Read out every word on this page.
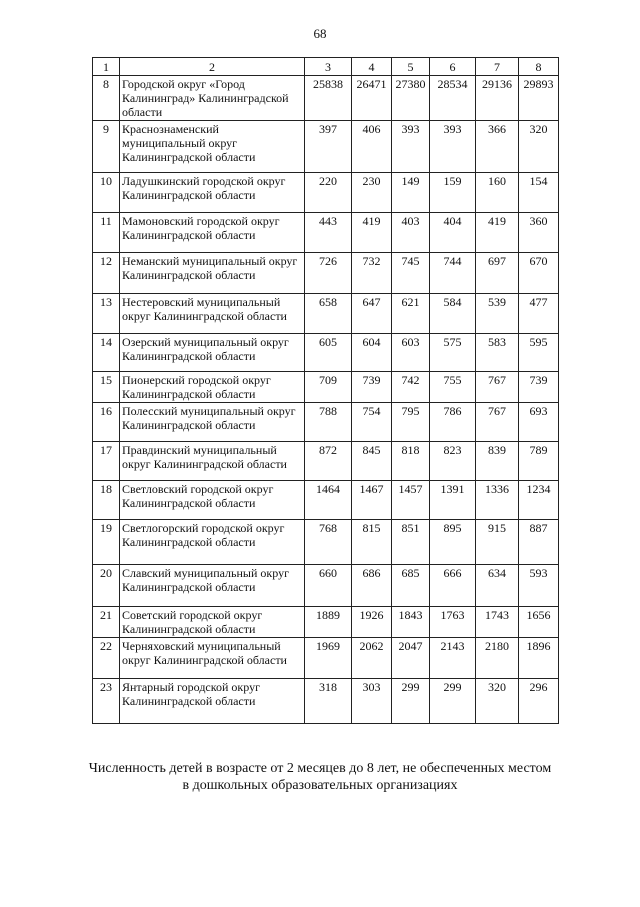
68
1	2	3	4	5	6	7	8
8	Городской округ «Город Калининград» Калининградской области	25838	26471	27380	28534	29136	29893
9	Краснознаменский муниципальный округ Калининградской области	397	406	393	393	366	320
10	Ладушкинский городской округ Калининградской области	220	230	149	159	160	154
11	Мамоновский городской округ Калининградской области	443	419	403	404	419	360
12	Неманский муниципальный округ Калининградской области	726	732	745	744	697	670
13	Нестеровский муниципальный округ Калининградской области	658	647	621	584	539	477
14	Озерский муниципальный округ Калининградской области	605	604	603	575	583	595
15	Пионерский городской округ Калининградской области	709	739	742	755	767	739
16	Полесский муниципальный округ Калининградской области	788	754	795	786	767	693
17	Правдинский муниципальный округ Калининградской области	872	845	818	823	839	789
18	Светловский городской округ Калининградской области	1464	1467	1457	1391	1336	1234
19	Светлогорский городской округ Калининградской области	768	815	851	895	915	887
20	Славский муниципальный округ Калининградской области	660	686	685	666	634	593
21	Советский городской округ Калининградской области	1889	1926	1843	1763	1743	1656
22	Черняховский муниципальный округ Калининградской области	1969	2062	2047	2143	2180	1896
23	Янтарный городской округ Калининградской области	318	303	299	299	320	296
Численность детей в возрасте от 2 месяцев до 8 лет, не обеспеченных местом
в дошкольных образовательных организациях
